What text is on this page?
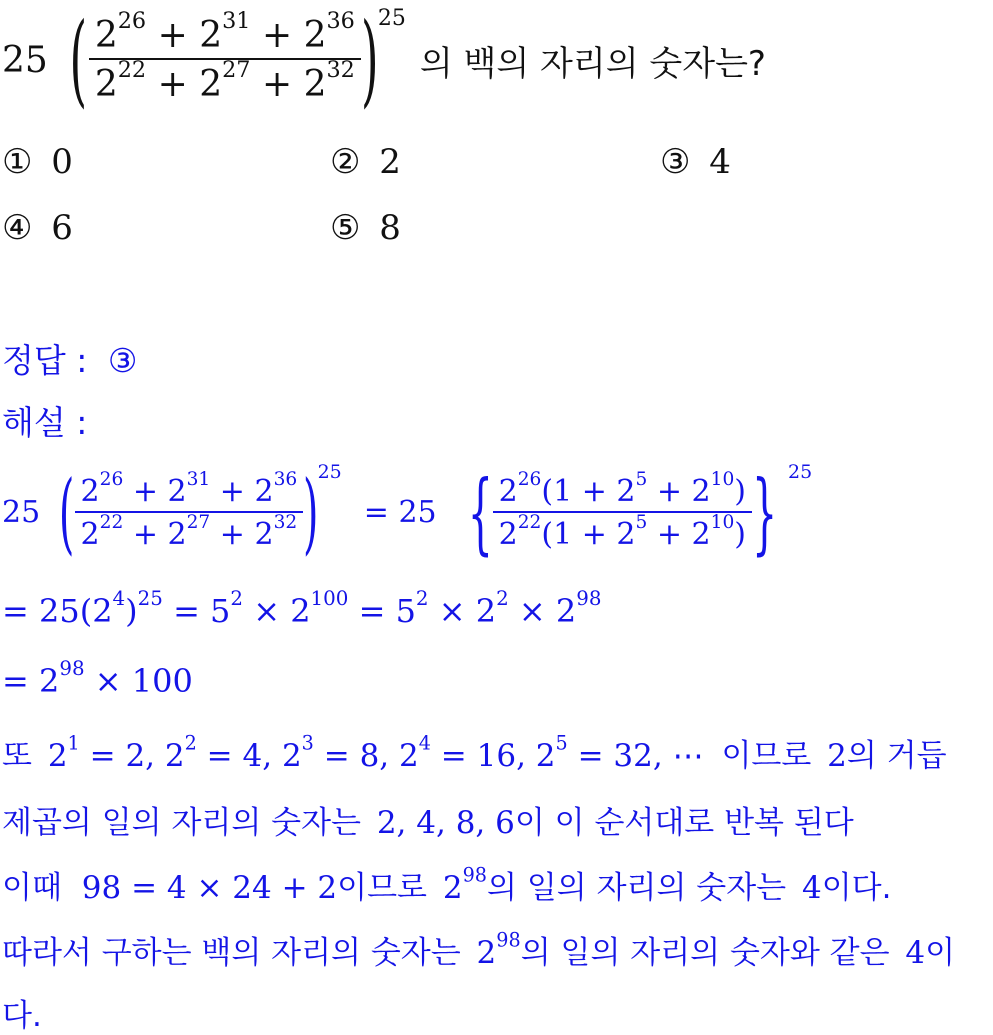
25 ( $\frac{2^{26} + 2^{31} + 2^{36}}{2^{22} + 2^{27} + 2^{32}}$ ) 25
의 백의 자리의 숫자는?
① 0	② 2	③ 4
④ 6	⑤ 8
정답 : ③
해설 :
25 ( $\frac{2^{26} + 2^{31} + 2^{36}}{2^{22} + 2^{27} + 2^{32}}$ )
25
= 25 { $\frac{2^{26}(1 + 2^5 + 2^{10})}{2^{22}(1 + 2^5 + 2^{10})}$ } 25
= $25(2^4)^{25} = 5^2 \times 2^{100} = 5^2 \times 2^2 \times 2^{98}$
= $2^{98} \times 100$
또 $2^1 = 2$, $2^2 = 4$, $2^3 = 8$, $2^4 = 16$, $2^5 = 32$, ⋯ 이므로 2의 거듭
제곱의 일의 자리의 숫자는 2, 4, 8, 6이 이 순서대로 반복 된다
이때 98 = 4 × 24 + 2이므로 $2^{98}$의 일의 자리의 숫자는 4이다.
따라서 구하는 백의 자리의 숫자는 $2^{98}$의 일의 자리의 숫자와 같은 4이
다.
